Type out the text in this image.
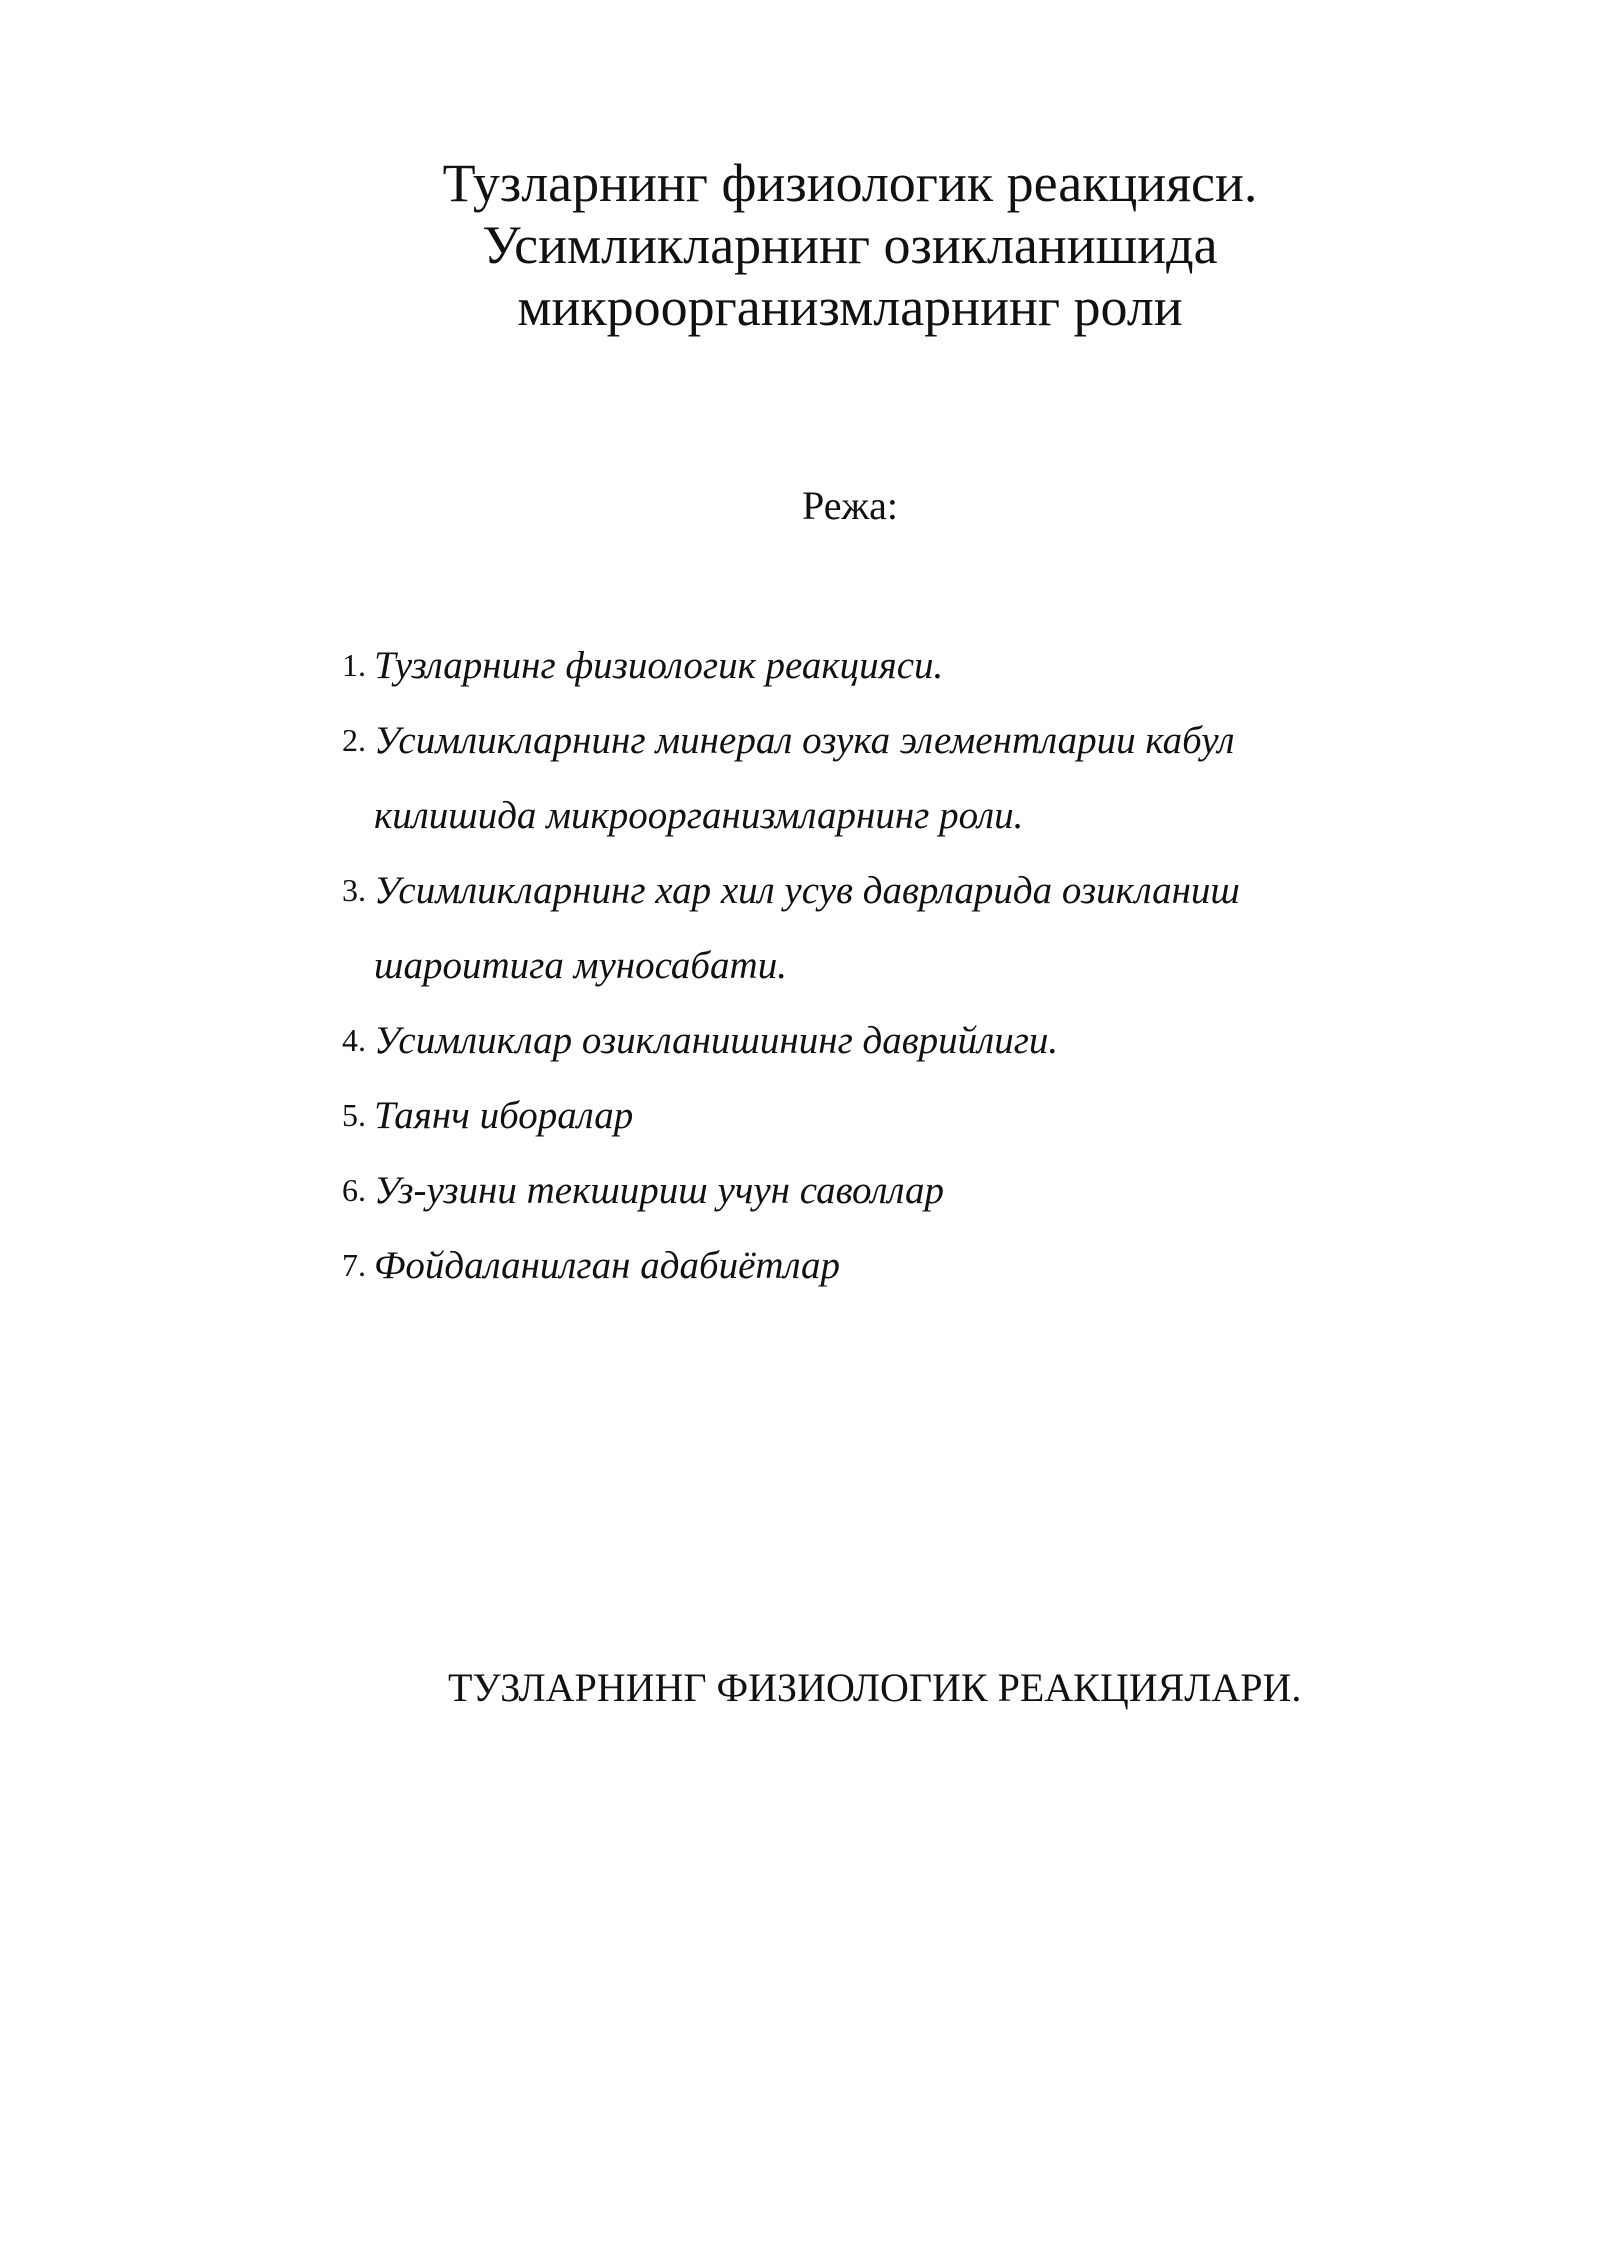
Тузларнинг физиологик реакцияси.
Усимликларнинг озикланишида
микроорганизмларнинг роли
Режа:
1. Тузларнинг физиологик реакцияси.
2. Усимликларнинг минерал озука элементларии кабул
килишида микроорганизмларнинг роли.
3. Усимликларнинг хар хил усув даврларида озикланиш
шароитига муносабати.
4. Усимликлар озикланишининг даврийлиги.
5. Таянч иборалар
6. Уз-узини текшириш учун саволлар
7. Фойдаланилган адабиётлар
ТУЗЛАРНИНГ ФИЗИОЛОГИК РЕАКЦИЯЛАРИ.
